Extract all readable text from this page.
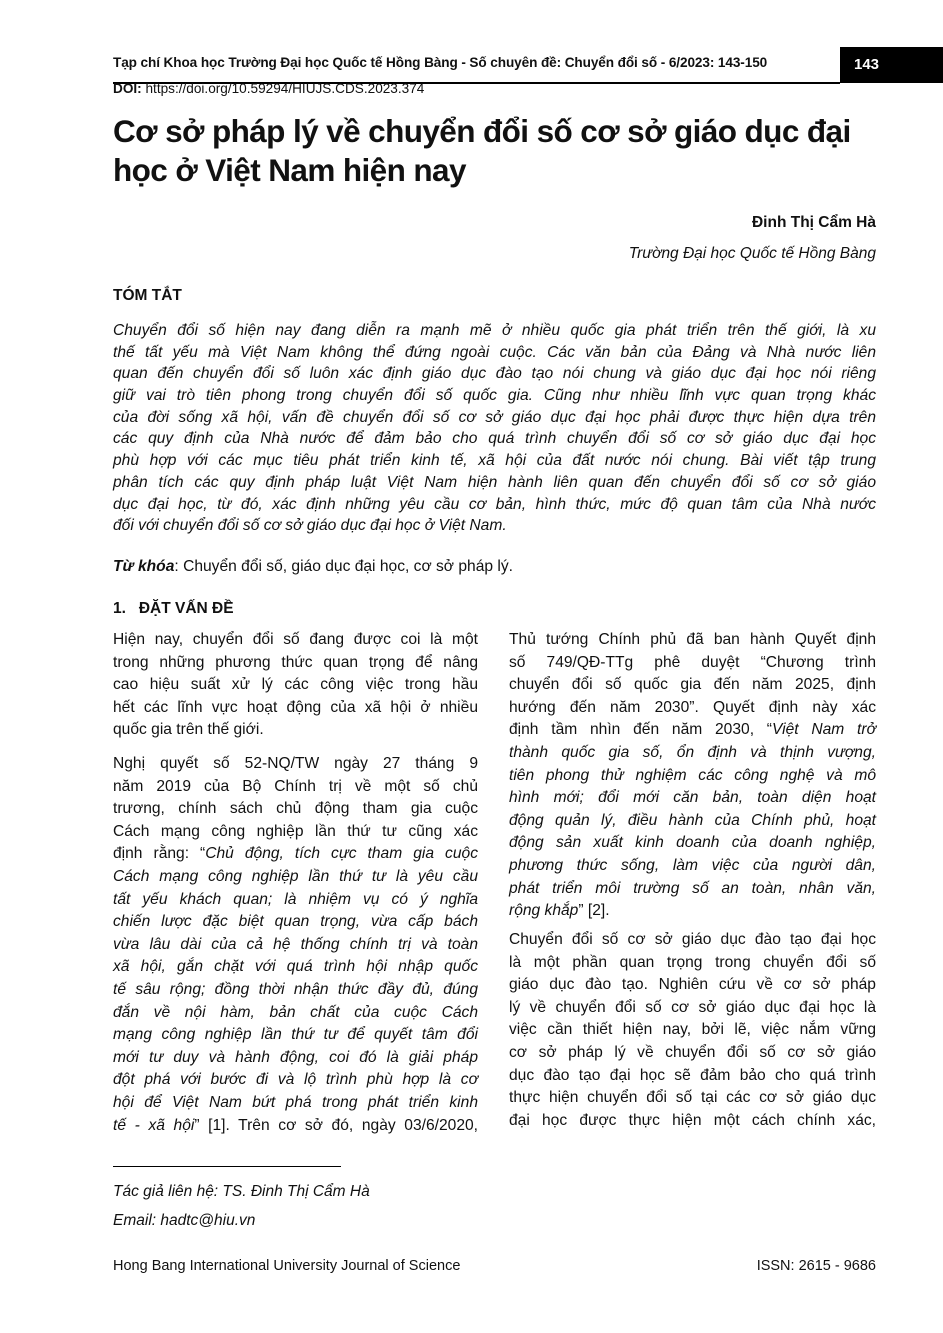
Tạp chí Khoa học Trường Đại học Quốc tế Hồng Bàng - Số chuyên đề: Chuyển đổi số - 6/2023: 143-150	143
DOI: https://doi.org/10.59294/HIUJS.CDS.2023.374
Cơ sở pháp lý về chuyển đổi số cơ sở giáo dục đại học ở Việt Nam hiện nay
Đinh Thị Cẩm Hà
Trường Đại học Quốc tế Hồng Bàng
TÓM TẮT
Chuyển đổi số hiện nay đang diễn ra mạnh mẽ ở nhiều quốc gia phát triển trên thế giới, là xu
thế tất yếu mà Việt Nam không thể đứng ngoài cuộc. Các văn bản của Đảng và Nhà nước liên
quan đến chuyển đổi số luôn xác định giáo dục đào tạo nói chung và giáo dục đại học nói riêng
giữ vai trò tiên phong trong chuyển đổi số quốc gia. Cũng như nhiều lĩnh vực quan trọng khác
của đời sống xã hội, vấn đề chuyển đổi số cơ sở giáo dục đại học phải được thực hiện dựa trên
các quy định của Nhà nước để đảm bảo cho quá trình chuyển đổi số cơ sở giáo dục đại học
phù hợp với các mục tiêu phát triển kinh tế, xã hội của đất nước nói chung. Bài viết tập trung
phân tích các quy định pháp luật Việt Nam hiện hành liên quan đến chuyển đổi số cơ sở giáo
dục đại học, từ đó, xác định những yêu cầu cơ bản, hình thức, mức độ quan tâm của Nhà nước
đối với chuyển đổi số cơ sở giáo dục đại học ở Việt Nam.
Từ khóa: Chuyển đổi số, giáo dục đại học, cơ sở pháp lý.
1.   ĐẶT VẤN ĐỀ
Hiện nay, chuyển đổi số đang được coi là một
trong những phương thức quan trọng để nâng
cao hiệu suất xử lý các công việc trong hầu
hết các lĩnh vực hoạt động của xã hội ở nhiều
quốc gia trên thế giới.
Nghị quyết số 52-NQ/TW ngày 27 tháng 9
năm 2019 của Bộ Chính trị về một số chủ
trương, chính sách chủ động tham gia cuộc
Cách mạng công nghiệp lần thứ tư cũng xác
định rằng: “Chủ động, tích cực tham gia cuộc
Cách mạng công nghiệp lần thứ tư là yêu cầu
tất yếu khách quan; là nhiệm vụ có ý nghĩa
chiến lược đặc biệt quan trọng, vừa cấp bách
vừa lâu dài của cả hệ thống chính trị và toàn
xã hội, gắn chặt với quá trình hội nhập quốc
tế sâu rộng; đồng thời nhận thức đầy đủ, đúng
đắn về nội hàm, bản chất của cuộc Cách
mạng công nghiệp lần thứ tư để quyết tâm đổi
mới tư duy và hành động, coi đó là giải pháp
đột phá với bước đi và lộ trình phù hợp là cơ
hội để Việt Nam bứt phá trong phát triển kinh
tế - xã hội” [1]. Trên cơ sở đó, ngày 03/6/2020,
Thủ tướng Chính phủ đã ban hành Quyết định
số 749/QĐ-TTg phê duyệt “Chương trình
chuyển đổi số quốc gia đến năm 2025, định
hướng đến năm 2030”. Quyết định này xác
định tầm nhìn đến năm 2030, “Việt Nam trở
thành quốc gia số, ổn định và thịnh vượng,
tiên phong thử nghiệm các công nghệ và mô
hình mới; đổi mới căn bản, toàn diện hoạt
động quản lý, điều hành của Chính phủ, hoạt
động sản xuất kinh doanh của doanh nghiệp,
phương thức sống, làm việc của người dân,
phát triển môi trường số an toàn, nhân văn,
rộng khắp” [2].
Chuyển đổi số cơ sở giáo dục đào tạo đại học
là một phần quan trọng trong chuyển đổi số
giáo dục đào tạo. Nghiên cứu về cơ sở pháp
lý về chuyển đổi số cơ sở giáo dục đại học là
việc cần thiết hiện nay, bởi lẽ, việc nắm vững
cơ sở pháp lý về chuyển đổi số cơ sở giáo
dục đào tạo đại học sẽ đảm bảo cho quá trình
thực hiện chuyển đổi số tại các cơ sở giáo dục
đại học được thực hiện một cách chính xác,
Tác giả liên hệ: TS. Đinh Thị Cẩm Hà
Email: hadtc@hiu.vn
Hong Bang International University Journal of Science	ISSN: 2615 - 9686
